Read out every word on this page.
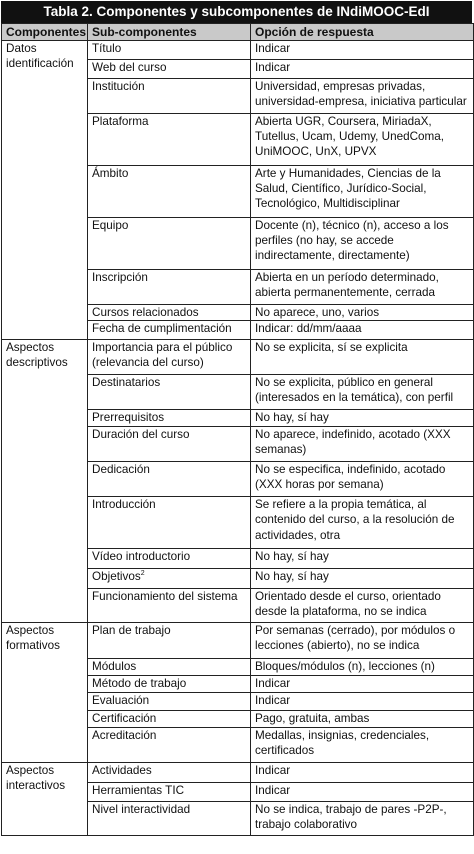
Tabla 2. Componentes y subcomponentes de INdiMOOC-EdI
Componentes	Sub-componentes	Opción de respuesta
Datos identificación	Título	Indicar
	Web del curso	Indicar
	Institución	Universidad, empresas privadas, universidad-empresa, iniciativa particular
	Plataforma	Abierta UGR, Coursera, MiriadaX, Tutellus, Ucam, Udemy, UnedComa, UniMOOC, UnX, UPVX
	Ámbito	Arte y Humanidades, Ciencias de la Salud, Científico, Jurídico-Social, Tecnológico, Multidisciplinar
	Equipo	Docente (n), técnico (n), acceso a los perfiles (no hay, se accede indirectamente, directamente)
	Inscripción	Abierta en un período determinado, abierta permanentemente, cerrada
	Cursos relacionados	No aparece, uno, varios
	Fecha de cumplimentación	Indicar: dd/mm/aaaa
Aspectos descriptivos	Importancia para el público (relevancia del curso)	No se explicita, sí se explicita
	Destinatarios	No se explicita, público en general (interesados en la temática), con perfil
	Prerrequisitos	No hay, sí hay
	Duración del curso	No aparece, indefinido, acotado (XXX semanas)
	Dedicación	No se especifica, indefinido, acotado (XXX horas por semana)
	Introducción	Se refiere a la propia temática, al contenido del curso, a la resolución de actividades, otra
	Vídeo introductorio	No hay, sí hay
	Objetivos$^2$	No hay, sí hay
	Funcionamiento del sistema	Orientado desde el curso, orientado desde la plataforma, no se indica
Aspectos formativos	Plan de trabajo	Por semanas (cerrado), por módulos o lecciones (abierto), no se indica
	Módulos	Bloques/módulos (n), lecciones (n)
	Método de trabajo	Indicar
	Evaluación	Indicar
	Certificación	Pago, gratuita, ambas
	Acreditación	Medallas, insignias, credenciales, certificados
Aspectos interactivos	Actividades	Indicar
	Herramientas TIC	Indicar
	Nivel interactividad	No se indica, trabajo de pares -P2P-, trabajo colaborativo
